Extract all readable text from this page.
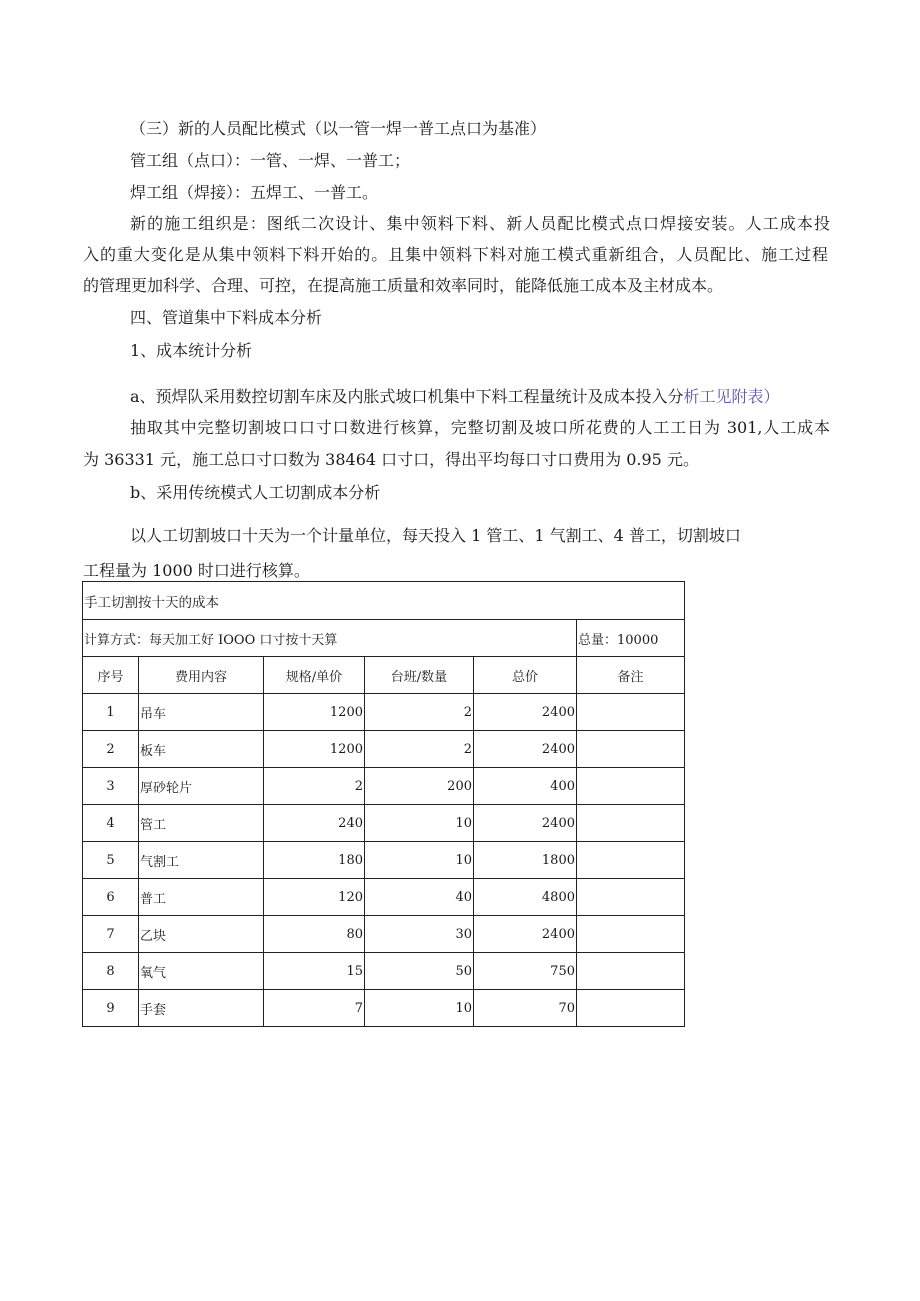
（三）新的人员配比模式（以一管一焊一普工点口为基准）

管工组（点口）：一管、一焊、一普工；

焊工组（焊接）：五焊工、一普工。

新的施工组织是：图纸二次设计、集中领料下料、新人员配比模式点口焊接安装。人工成本投

入的重大变化是从集中领料下料开始的。且集中领料下料对施工模式重新组合，人员配比、施工过程

的管理更加科学、合理、可控，在提高施工质量和效率同时，能降低施工成本及主材成本。

四、管道集中下料成本分析

1、成本统计分析

a、预焊队采用数控切割车床及内胀式坡口机集中下料工程量统计及成本投入分析工见附表）

抽取其中完整切割坡口口寸口数进行核算，完整切割及坡口所花费的人工工日为 301,人工成本

为 36331 元，施工总口寸口数为 38464 口寸口，得出平均每口寸口费用为 0.95 元。

b、采用传统模式人工切割成本分析

以人工切割坡口十天为一个计量单位，每天投入 1 管工、1 气割工、4 普工，切割坡口

工程量为 1000 时口进行核算。

手工切割按十天的成本					
计算方式：每天加工好 IOOO 口寸按十天算					总量：10000
序号	费用内容	规格/单价	台班/数量	总价	备注
1	吊车	1200	2	2400	
2	板车	1200	2	2400	
3	厚砂轮片	2	200	400	
4	管工	240	10	2400	
5	气割工	180	10	1800	
6	普工	120	40	4800	
7	乙块	80	30	2400	
8	氧气	15	50	750	
9	手套	7	10	70	
